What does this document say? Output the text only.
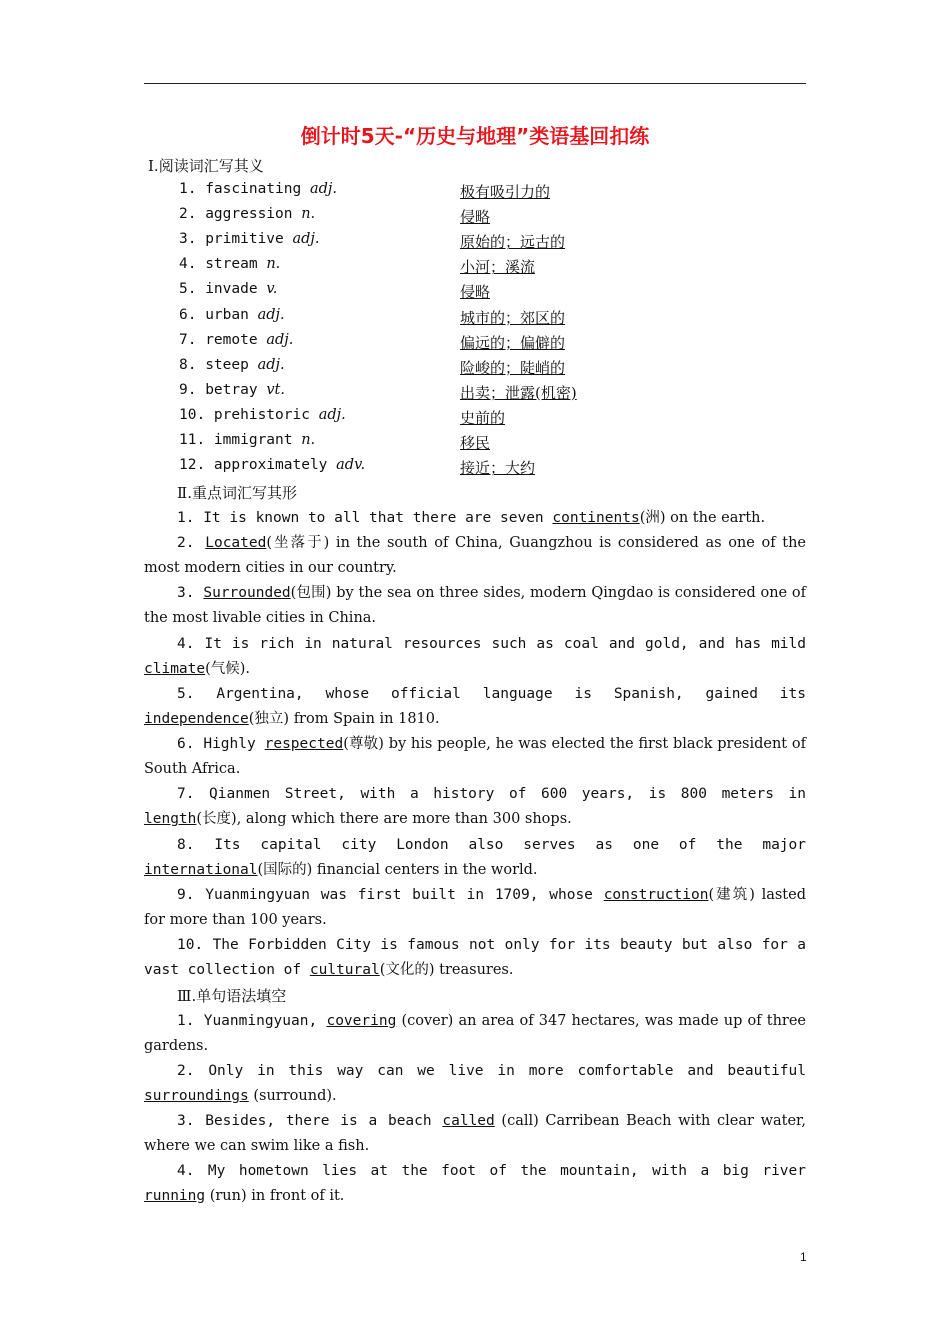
倒计时5天-“历史与地理”类语基回扣练
Ⅰ.阅读词汇写其义
1. fascinating adj.	极有吸引力的
2. aggression n.	侵略
3. primitive adj.	原始的；远古的
4. stream n.	小河；溪流
5. invade v.	侵略
6. urban adj.	城市的；郊区的
7. remote adj.	偏远的；偏僻的
8. steep adj.	险峻的；陡峭的
9. betray vt.	出卖；泄露(机密)
10. prehistoric adj.	史前的
11. immigrant n.	移民
12. approximately adv.	接近；大约
Ⅱ.重点词汇写其形
1. It is known to all that there are seven continents(洲) on the earth.
2. Located(坐落于) in the south of China, Guangzhou is considered as one of the most modern cities in our country.
3. Surrounded(包围) by the sea on three sides, modern Qingdao is considered one of the most livable cities in China.
4. It is rich in natural resources such as coal and gold, and has mild climate(气候).
5. Argentina, whose official language is Spanish, gained its independence(独立) from Spain in 1810.
6. Highly respected(尊敬) by his people, he was elected the first black president of South Africa.
7. Qianmen Street, with a history of 600 years, is 800 meters in length(长度), along which there are more than 300 shops.
8. Its capital city London also serves as one of the major international(国际的) financial centers in the world.
9. Yuanmingyuan was first built in 1709, whose construction(建筑) lasted for more than 100 years.
10. The Forbidden City is famous not only for its beauty but also for a vast collection of cultural(文化的) treasures.
Ⅲ.单句语法填空
1. Yuanmingyuan, covering (cover) an area of 347 hectares, was made up of three gardens.
2. Only in this way can we live in more comfortable and beautiful surroundings (surround).
3. Besides, there is a beach called (call) Carribean Beach with clear water, where we can swim like a fish.
4. My hometown lies at the foot of the mountain, with a big river running (run) in front of it.
1
